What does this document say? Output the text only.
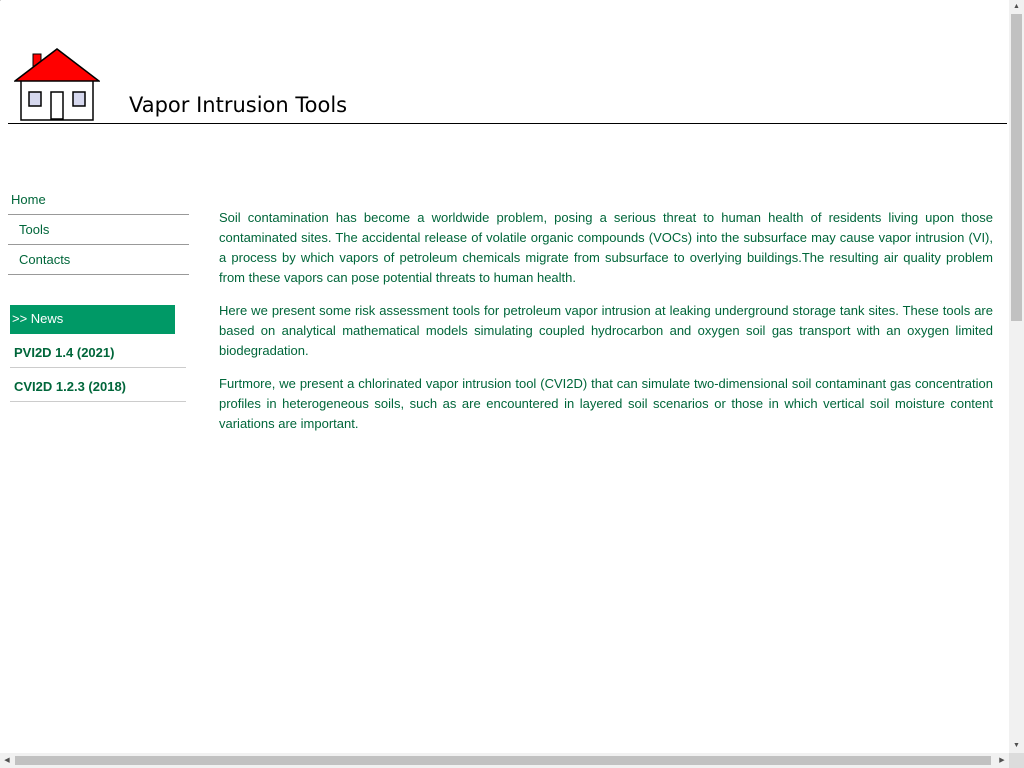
'
Vapor Intrusion Tools
Home
Tools
Contacts
>> News
PVI2D 1.4 (2021)
CVI2D 1.2.3 (2018)

Soil contamination has become a worldwide problem, posing a serious threat to human health of residents living upon those contaminated sites. The accidental release of volatile organic compounds (VOCs) into the subsurface may cause vapor intrusion (VI), a process by which vapors of petroleum chemicals migrate from subsurface to overlying buildings.The resulting air quality problem from these vapors can pose potential threats to human health.

Here we present some risk assessment tools for petroleum vapor intrusion at leaking underground storage tank sites. These tools are based on analytical mathematical models simulating coupled hydrocarbon and oxygen soil gas transport with an oxygen limited biodegradation.

Furtmore, we present a chlorinated vapor intrusion tool (CVI2D) that can simulate two-dimensional soil contaminant gas concentration profiles in heterogeneous soils, such as are encountered in layered soil scenarios or those in which vertical soil moisture content variations are important.

▲
▼
◀	▶
